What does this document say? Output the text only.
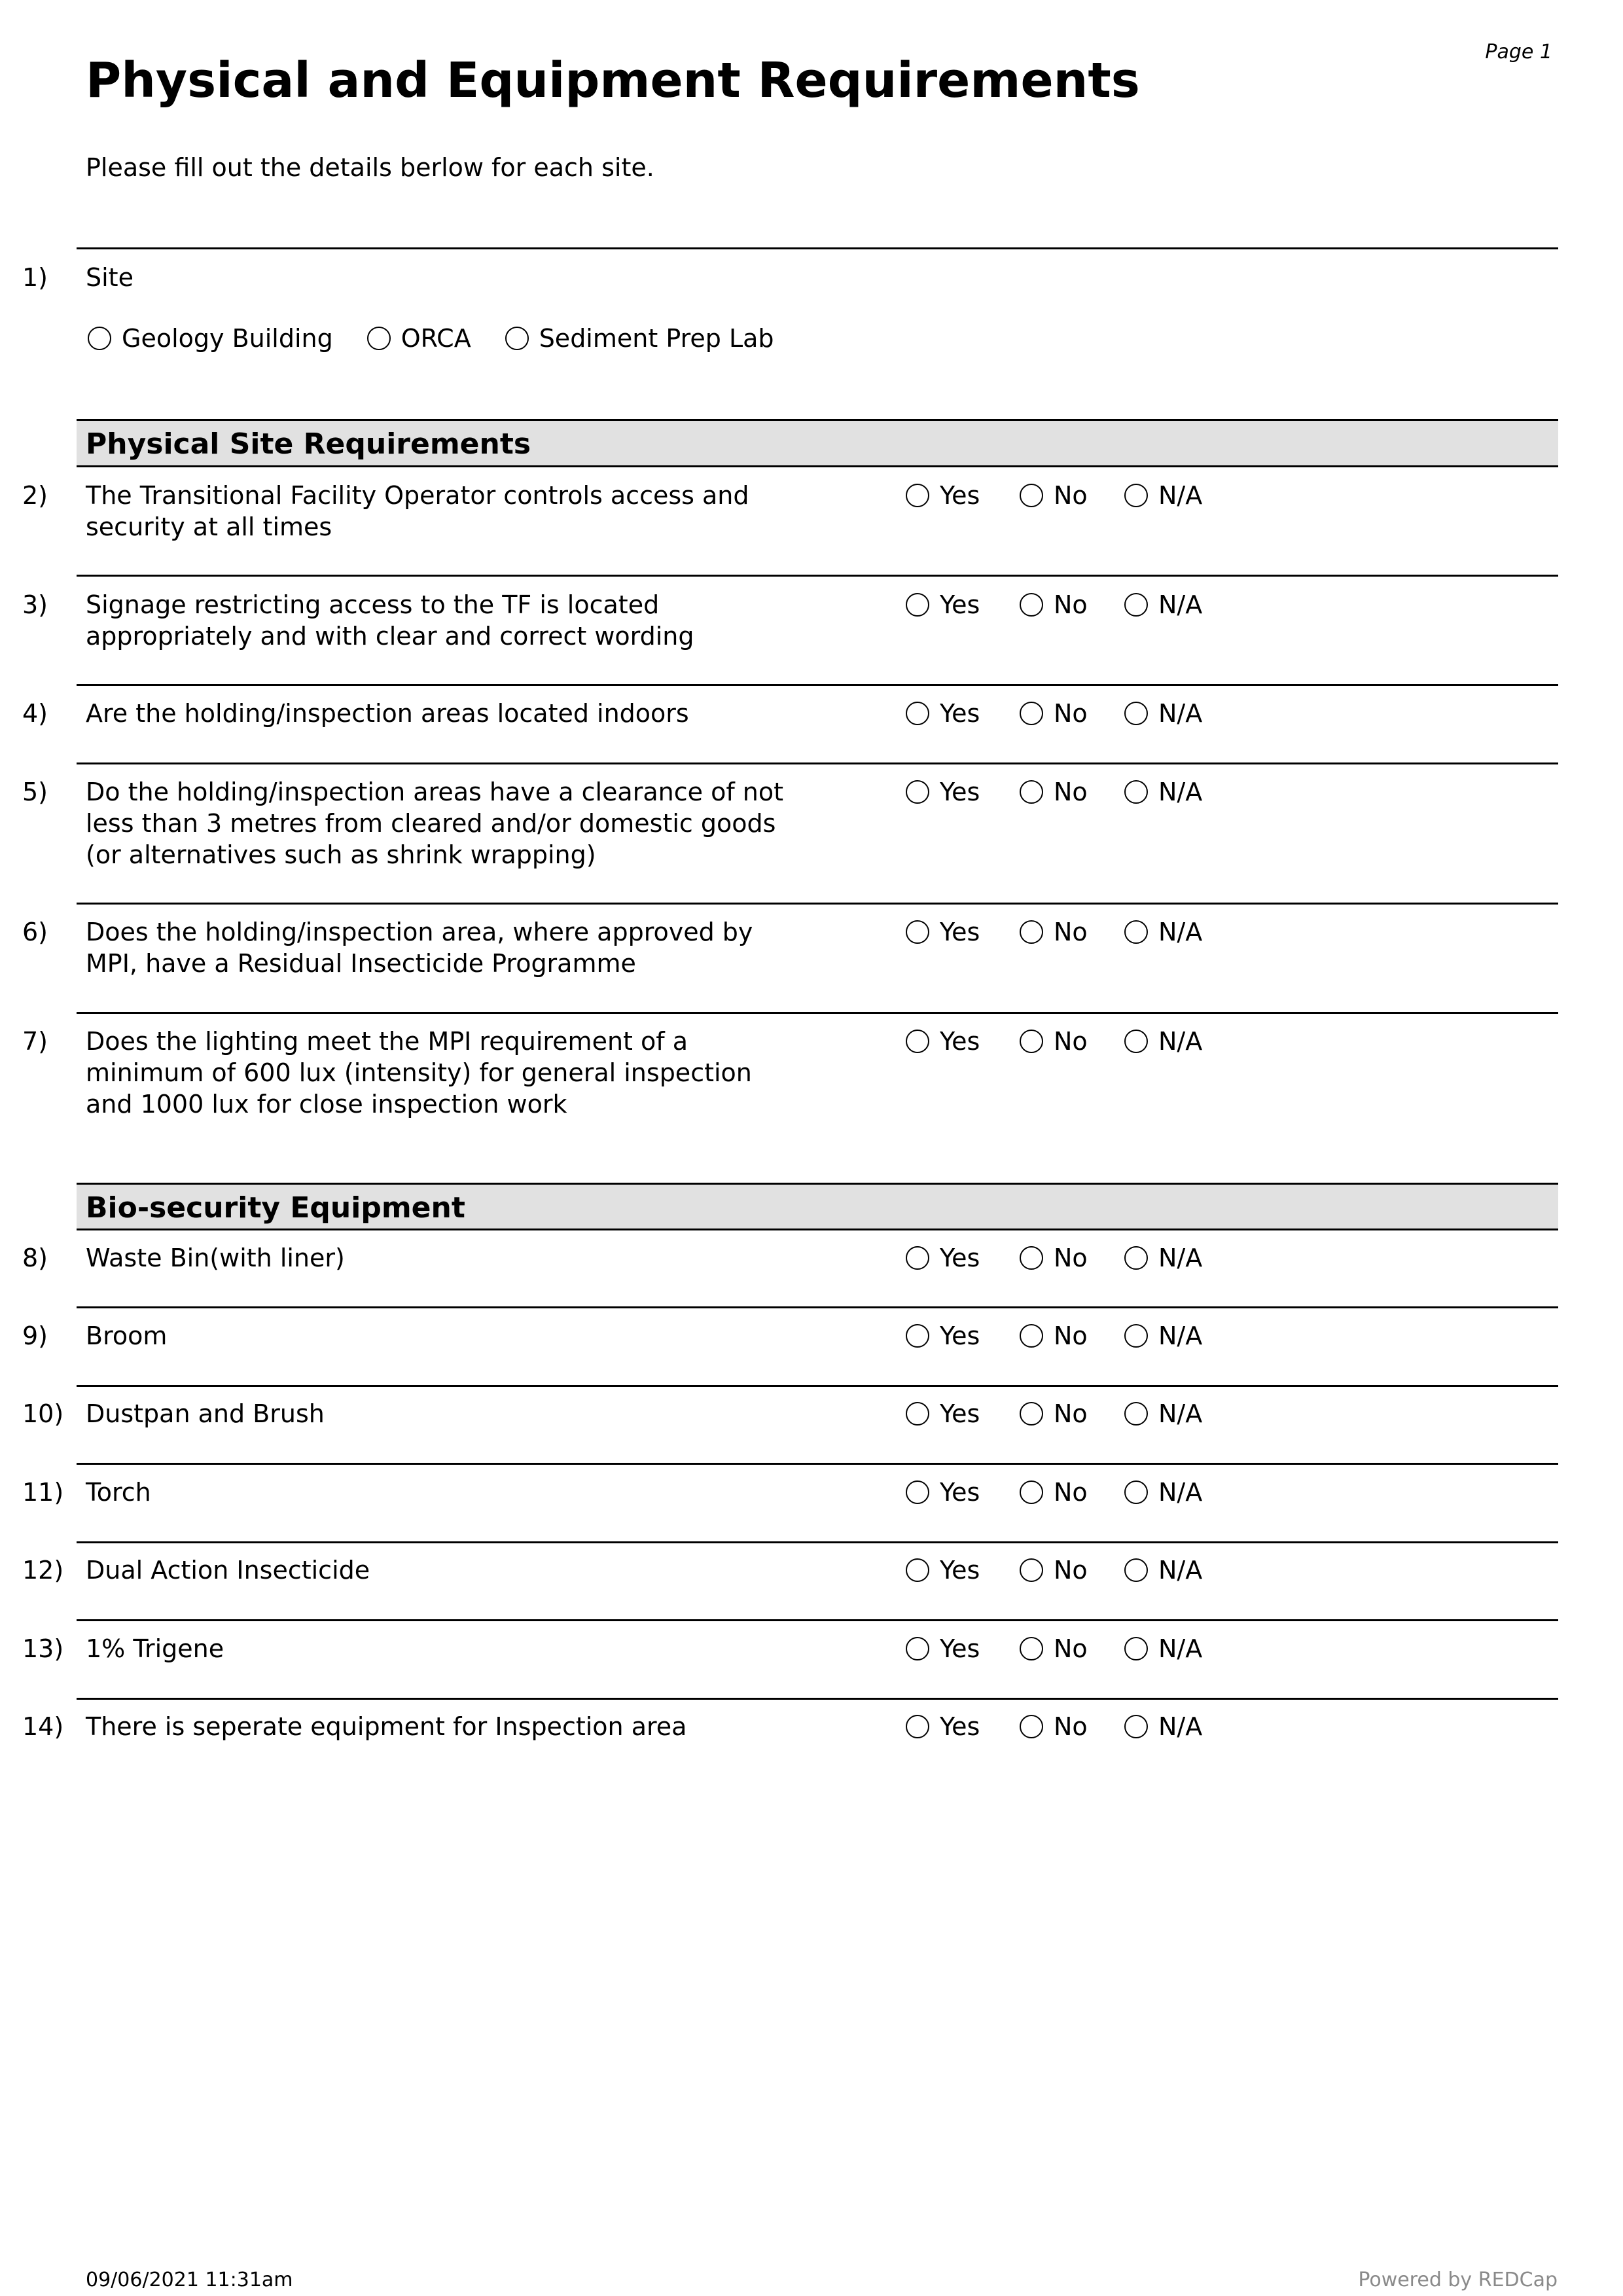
Page 1
Physical and Equipment Requirements
Please fill out the details berlow for each site.
1) Site
Geology Building	ORCA	Sediment Prep Lab
Physical Site Requirements
Bio-security Equipment
2) The Transitional Facility Operator controls access and security at all times
Yes	No	N/A
3) Signage restricting access to the TF is located appropriately and with clear and correct wording
Yes	No	N/A
4) Are the holding/inspection areas located indoors	Yes	No	N/A
5) Do the holding/inspection areas have a clearance of not less than 3 metres from cleared and/or domestic goods (or alternatives such as shrink wrapping)
Yes	No	N/A
6) Does the holding/inspection area, where approved by MPI, have a Residual Insecticide Programme
Yes	No	N/A
7) Does the lighting meet the MPI requirement of a minimum of 600 lux (intensity) for general inspection and 1000 lux for close inspection work
Yes	No	N/A
8) Waste Bin(with liner)	Yes	No	N/A
9) Broom	Yes	No	N/A
10) Dustpan and Brush	Yes	No	N/A
11) Torch	Yes	No	N/A
12) Dual Action Insecticide	Yes	No	N/A
13) 1% Trigene	Yes	No	N/A
14) There is seperate equipment for Inspection area	Yes	No	N/A
09/06/2021 11:31am	Powered by REDCap
